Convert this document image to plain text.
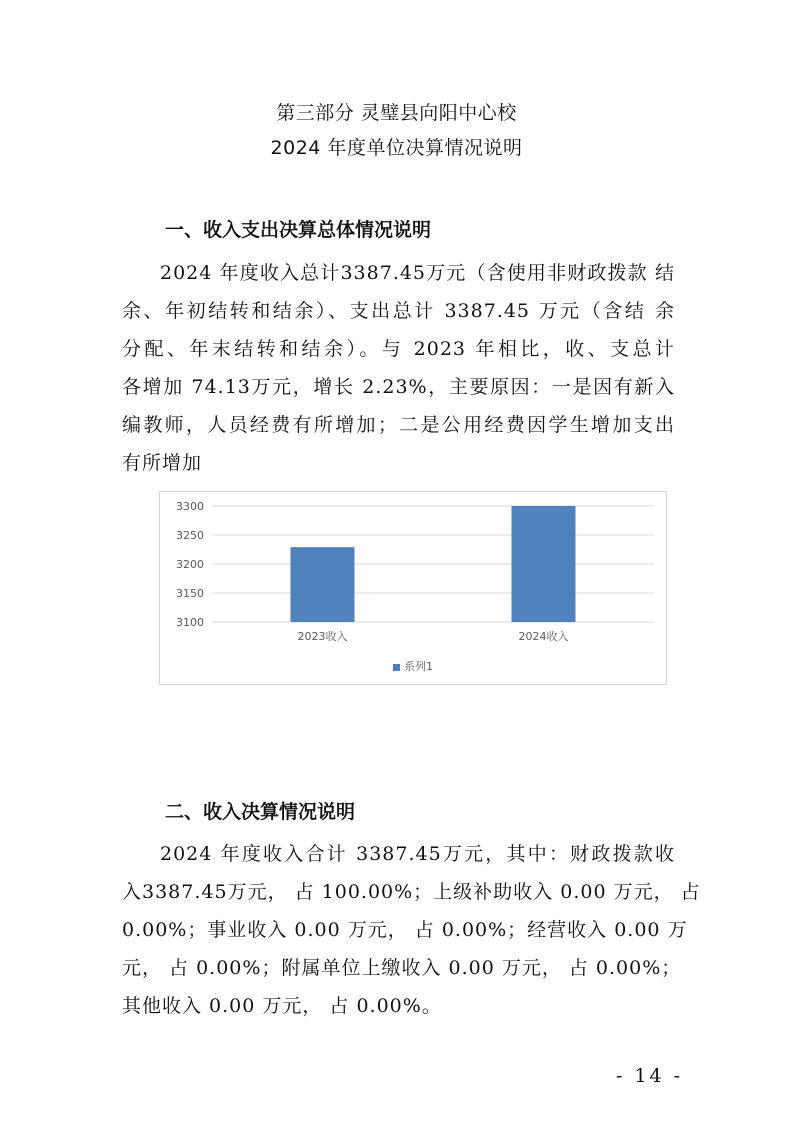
第三部分 灵璧县向阳中心校
2024 年度单位决算情况说明
一、收入支出决算总体情况说明
2024 年度收入总计3387.45万元（含使用非财政拨款 结
余、年初结转和结余）、支出总计 3387.45 万元（含结 余
分配、年末结转和结余）。与 2023 年相比，收、支总计
各增加 74.13万元，增长 2.23%，主要原因：一是因有新入
编教师，人员经费有所增加；二是公用经费因学生增加支出
有所增加
3100
3150
3200
3250
3300
2023收入	2024收入
系列1
二、收入决算情况说明
2024 年度收入合计 3387.45万元，其中：财政拨款收
入3387.45万元， 占 100.00%；上级补助收入 0.00 万元， 占
0.00%；事业收入 0.00 万元， 占 0.00%；经营收入 0.00 万
元， 占 0.00%；附属单位上缴收入 0.00 万元， 占 0.00%；
其他收入 0.00 万元， 占 0.00%。
- 14 -
